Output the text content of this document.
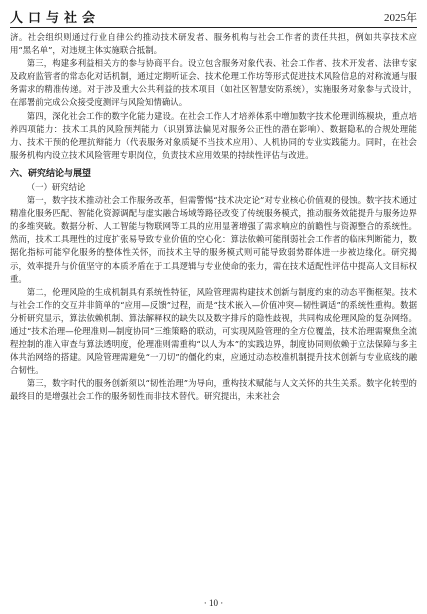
人口与社会	2025年

济。社会组织则通过行业自律公约推动技术研发者、服务机构与社会工作者的责任共担，例如共享技术应用“黑名单”，对违规主体实施联合抵制。

第三，构建多利益相关方的参与协商平台。设立包含服务对象代表、社会工作者、技术开发者、法律专家及政府监管者的常态化对话机制，通过定期听证会、技术伦理工作坊等形式促进技术风险信息的对称流通与服务需求的精准传递。对于涉及重大公共利益的技术项目（如社区智慧安防系统），实施服务对象参与式设计，在部署前完成公众接受度测评与风险知情确认。

第四，深化社会工作的数字化能力建设。在社会工作人才培养体系中增加数字技术伦理训练模块，重点培养四项能力：技术工具的风险预判能力（识别算法偏见对服务公正性的潜在影响）、数据隐私的合规处理能力、技术干预的伦理抗辩能力（代表服务对象质疑不当技术应用）、人机协同的专业实践能力。同时，在社会服务机构内设立技术风险管理专职岗位，负责技术应用效果的持续性评估与改进。

六、研究结论与展望
（一）研究结论

第一，数字技术推动社会工作服务改革，但需警惕“技术决定论”对专业核心价值观的侵蚀。数字技术通过精准化服务匹配、智能化资源调配与虚实融合场域等路径改变了传统服务模式，推动服务效能提升与服务边界的多维突破。数据分析、人工智能与物联网等工具的应用显著增强了需求响应的前瞻性与资源整合的系统性。然而，技术工具理性的过度扩张易导致专业价值的空心化：算法依赖可能削弱社会工作者的临床判断能力，数据化指标可能窄化服务的整体性关怀，而技术主导的服务模式则可能导致弱势群体进一步被边缘化。研究揭示，效率提升与价值坚守的本质矛盾在于工具逻辑与专业使命的张力，需在技术适配性评估中提高人文目标权重。

第二，伦理风险的生成机制具有系统性特征，风险管理需构建技术创新与制度约束的动态平衡框架。技术与社会工作的交互并非简单的“应用—反馈”过程，而是“技术嵌入—价值冲突—韧性调适”的系统性重构。数据分析研究显示，算法依赖机制、算法解释权的缺失以及数字排斥的隐性歧视，共同构成伦理风险的复杂网络。通过“技术治理—伦理准则—制度协同”三维策略的联动，可实现风险管理的全方位覆盖，技术治理需聚焦全流程控制的准入审查与算法透明度，伦理准则需重构“以人为本”的实践边界，制度协同则依赖于立法保障与多主体共治网络的搭建。风险管理需避免“一刀切”的僵化约束，应通过动态校准机制提升技术创新与专业底线的融合韧性。

第三，数字时代的服务创新须以“韧性治理”为导向，重构技术赋能与人文关怀的共生关系。数字化转型的最终目的是增强社会工作的服务韧性而非技术替代。研究提出，未来社会

· 10 ·
